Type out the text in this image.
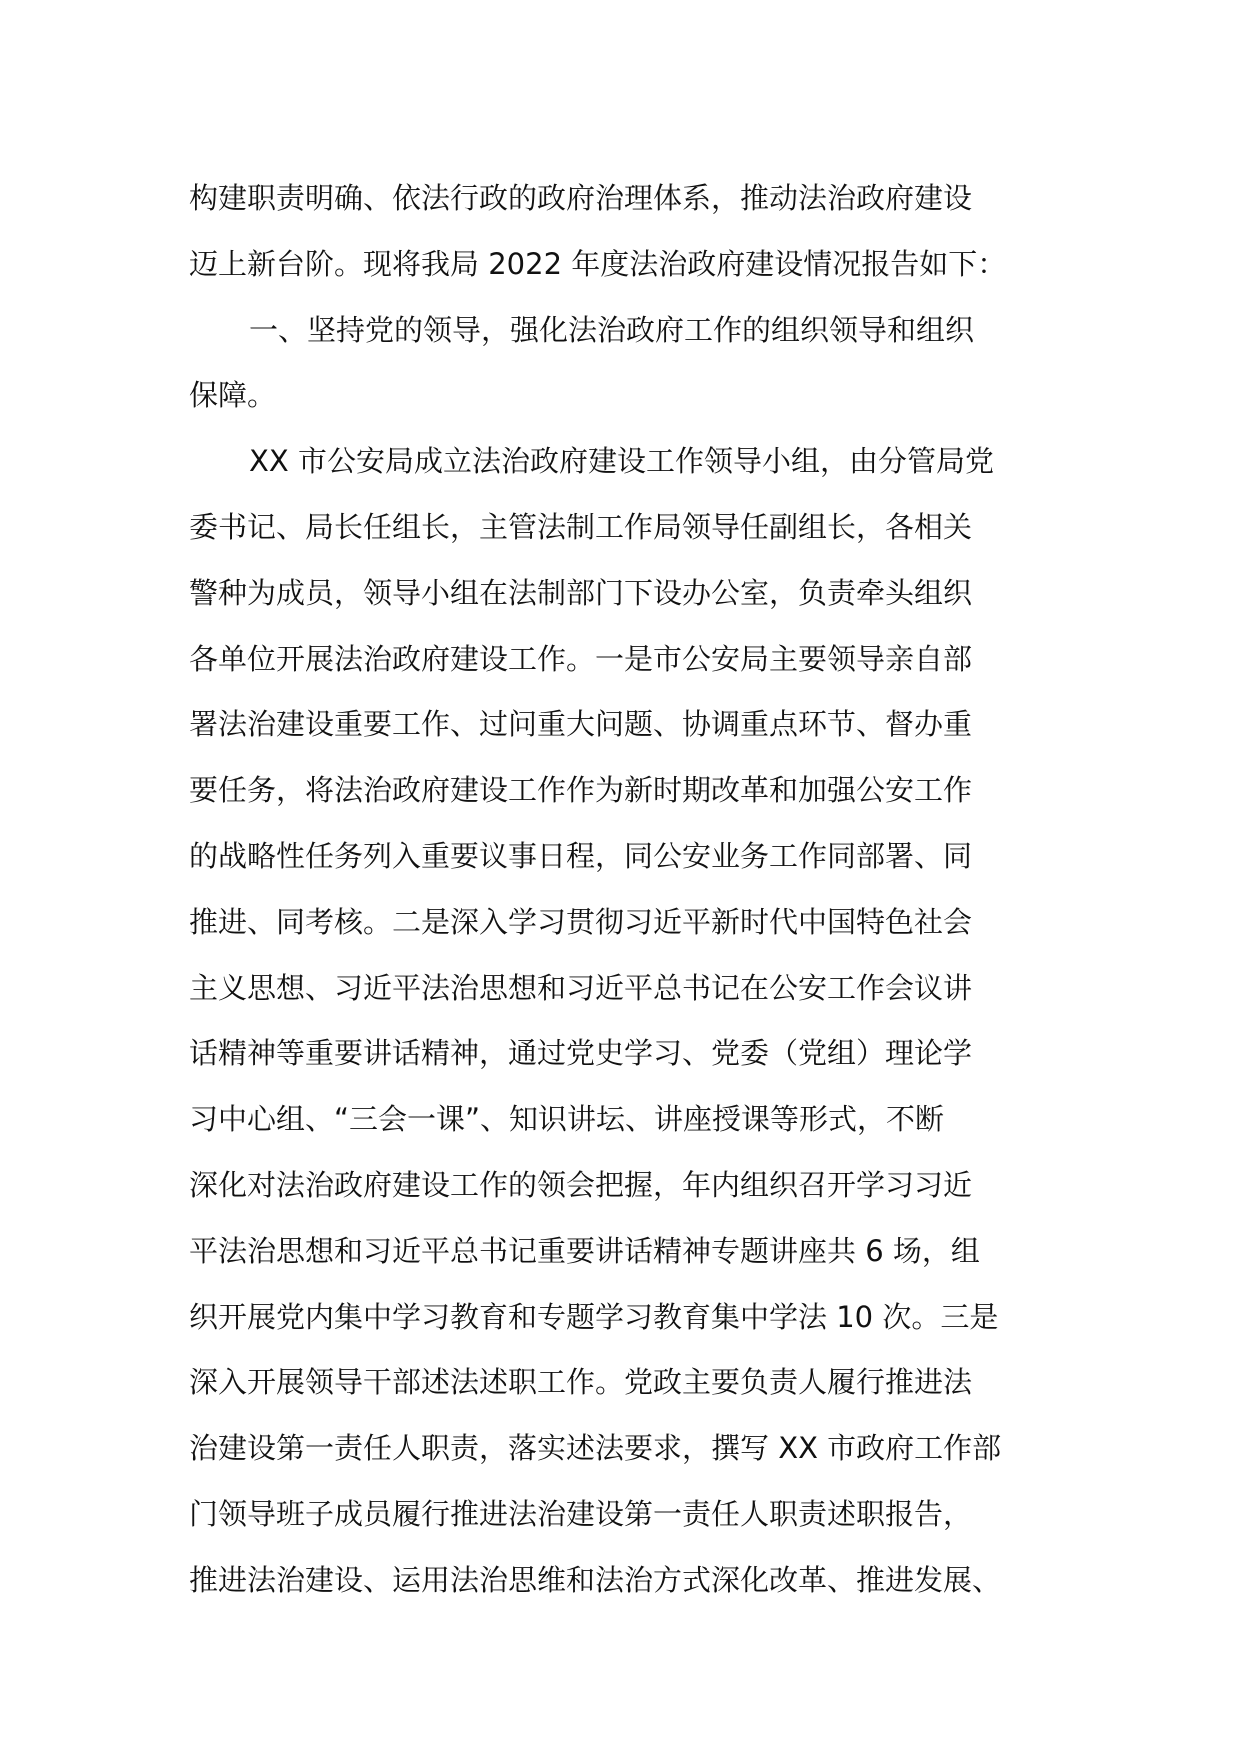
构建职责明确、依法行政的政府治理体系，推动法治政府建设
迈上新台阶。现将我局 2022 年度法治政府建设情况报告如下：
一、坚持党的领导，强化法治政府工作的组织领导和组织
保障。
XX 市公安局成立法治政府建设工作领导小组，由分管局党
委书记、局长任组长，主管法制工作局领导任副组长，各相关
警种为成员，领导小组在法制部门下设办公室，负责牵头组织
各单位开展法治政府建设工作。一是市公安局主要领导亲自部
署法治建设重要工作、过问重大问题、协调重点环节、督办重
要任务，将法治政府建设工作作为新时期改革和加强公安工作
的战略性任务列入重要议事日程，同公安业务工作同部署、同
推进、同考核。二是深入学习贯彻习近平新时代中国特色社会
主义思想、习近平法治思想和习近平总书记在公安工作会议讲
话精神等重要讲话精神，通过党史学习、党委（党组）理论学
习中心组、“三会一课”、知识讲坛、讲座授课等形式，不断
深化对法治政府建设工作的领会把握，年内组织召开学习习近
平法治思想和习近平总书记重要讲话精神专题讲座共 6 场，组
织开展党内集中学习教育和专题学习教育集中学法 10 次。三是
深入开展领导干部述法述职工作。党政主要负责人履行推进法
治建设第一责任人职责，落实述法要求，撰写 XX 市政府工作部
门领导班子成员履行推进法治建设第一责任人职责述职报告，
推进法治建设、运用法治思维和法治方式深化改革、推进发展、
